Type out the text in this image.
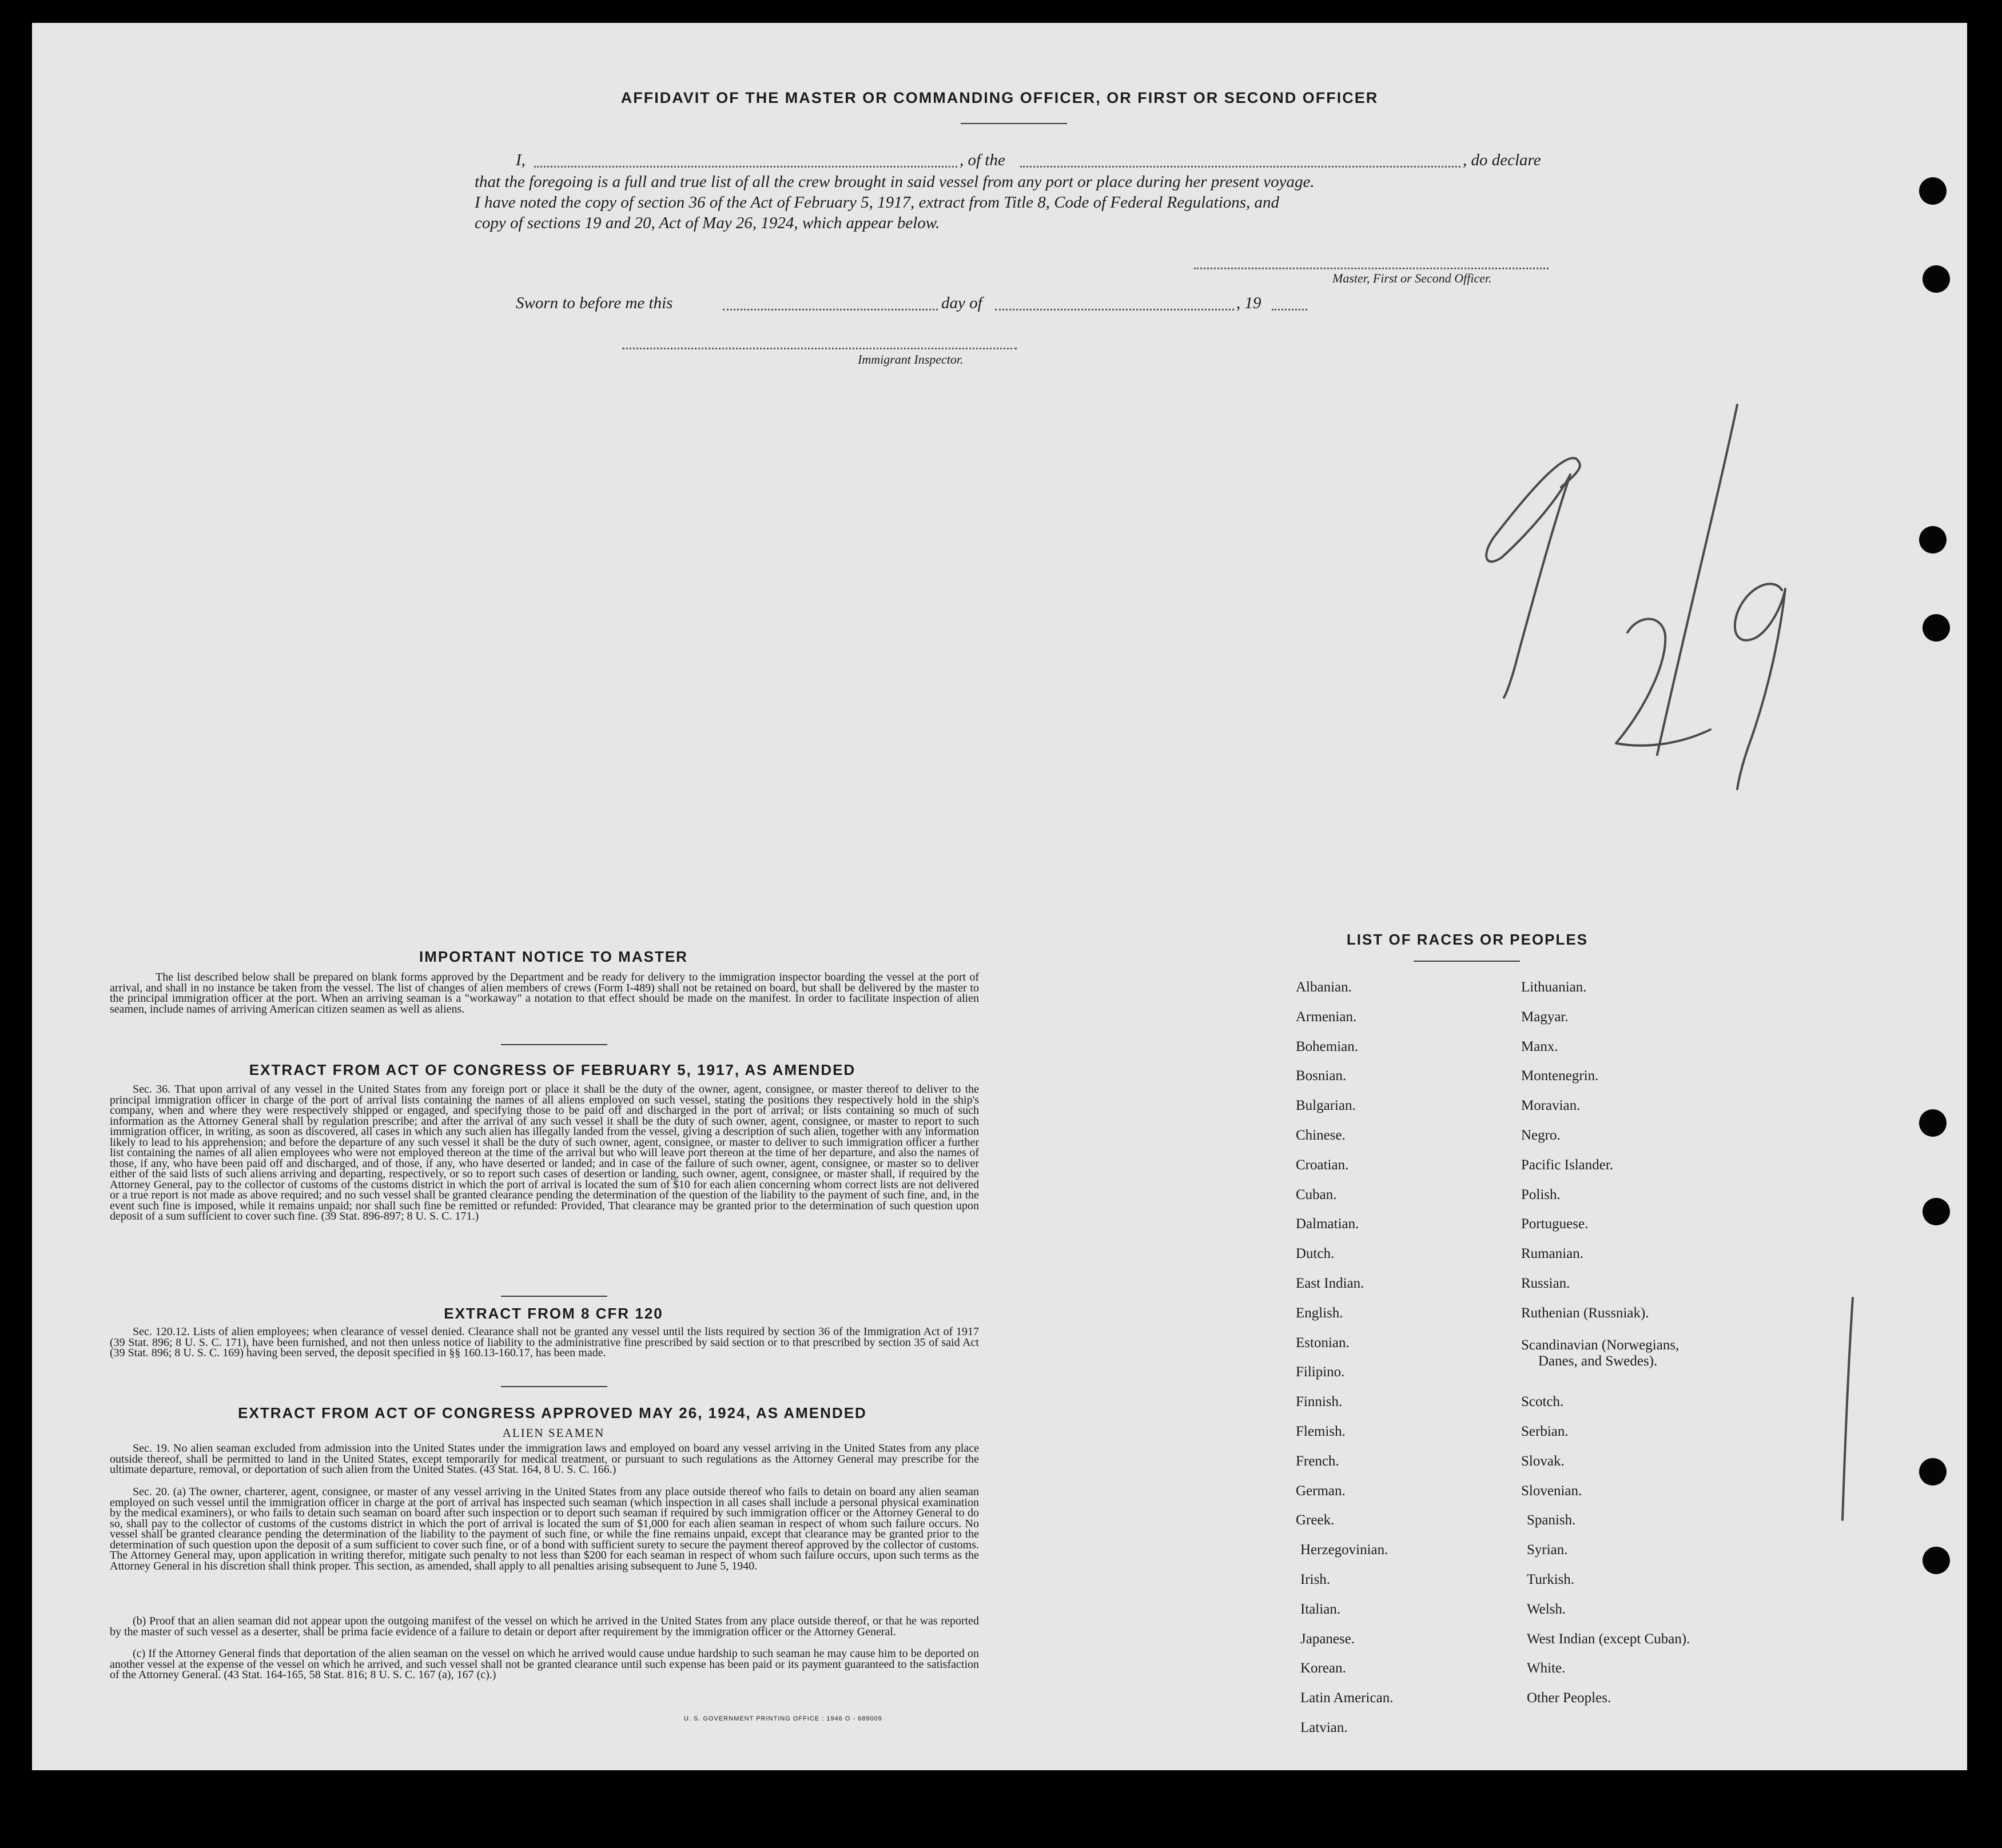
AFFIDAVIT OF THE MASTER OR COMMANDING OFFICER, OR FIRST OR SECOND OFFICER
I,	, of the	, do declare
that the foregoing is a full and true list of all the crew brought in said vessel from any port or place during her present voyage.
I have noted the copy of section 36 of the Act of February 5, 1917, extract from Title 8, Code of Federal Regulations, and
copy of sections 19 and 20, Act of May 26, 1924, which appear below.
Master, First or Second Officer.
Sworn to before me this	day of	, 19
Immigrant Inspector.
IMPORTANT NOTICE TO MASTER
The list described below shall be prepared on blank forms approved by the Department and be ready for delivery to the immigration inspector boarding the vessel at the port of arrival, and shall in no instance be taken from the vessel. The list of changes of alien members of crews (Form I-489) shall not be retained on board, but shall be delivered by the master to the principal immigration officer at the port. When an arriving seaman is a "workaway" a notation to that effect should be made on the manifest. In order to facilitate inspection of alien seamen, include names of arriving American citizen seamen as well as aliens.
EXTRACT FROM ACT OF CONGRESS OF FEBRUARY 5, 1917, AS AMENDED
Sec. 36. That upon arrival of any vessel in the United States from any foreign port or place it shall be the duty of the owner, agent, consignee, or master thereof to deliver to the principal immigration officer in charge of the port of arrival lists containing the names of all aliens employed on such vessel, stating the positions they respectively hold in the ship's company, when and where they were respectively shipped or engaged, and specifying those to be paid off and discharged in the port of arrival; or lists containing so much of such information as the Attorney General shall by regulation prescribe; and after the arrival of any such vessel it shall be the duty of such owner, agent, consignee, or master to report to such immigration officer, in writing, as soon as discovered, all cases in which any such alien has illegally landed from the vessel, giving a description of such alien, together with any information likely to lead to his apprehension; and before the departure of any such vessel it shall be the duty of such owner, agent, consignee, or master to deliver to such immigration officer a further list containing the names of all alien employees who were not employed thereon at the time of the arrival but who will leave port thereon at the time of her departure, and also the names of those, if any, who have been paid off and discharged, and of those, if any, who have deserted or landed; and in case of the failure of such owner, agent, consignee, or master so to deliver either of the said lists of such aliens arriving and departing, respectively, or so to report such cases of desertion or landing, such owner, agent, consignee, or master shall, if required by the Attorney General, pay to the collector of customs of the customs district in which the port of arrival is located the sum of $10 for each alien concerning whom correct lists are not delivered or a true report is not made as above required; and no such vessel shall be granted clearance pending the determination of the question of the liability to the payment of such fine, and, in the event such fine is imposed, while it remains unpaid; nor shall such fine be remitted or refunded: Provided, That clearance may be granted prior to the determination of such question upon deposit of a sum sufficient to cover such fine. (39 Stat. 896-897; 8 U. S. C. 171.)
EXTRACT FROM 8 CFR 120
Sec. 120.12. Lists of alien employees; when clearance of vessel denied. Clearance shall not be granted any vessel until the lists required by section 36 of the Immigration Act of 1917 (39 Stat. 896; 8 U. S. C. 171), have been furnished, and not then unless notice of liability to the administrative fine prescribed by said section or to that prescribed by section 35 of said Act (39 Stat. 896; 8 U. S. C. 169) having been served, the deposit specified in §§ 160.13-160.17, has been made.
EXTRACT FROM ACT OF CONGRESS APPROVED MAY 26, 1924, AS AMENDED
ALIEN SEAMEN
Sec. 19. No alien seaman excluded from admission into the United States under the immigration laws and employed on board any vessel arriving in the United States from any place outside thereof, shall be permitted to land in the United States, except temporarily for medical treatment, or pursuant to such regulations as the Attorney General may prescribe for the ultimate departure, removal, or deportation of such alien from the United States. (43 Stat. 164, 8 U. S. C. 166.)
Sec. 20. (a) The owner, charterer, agent, consignee, or master of any vessel arriving in the United States from any place outside thereof who fails to detain on board any alien seaman employed on such vessel until the immigration officer in charge at the port of arrival has inspected such seaman (which inspection in all cases shall include a personal physical examination by the medical examiners), or who fails to detain such seaman on board after such inspection or to deport such seaman if required by such immigration officer or the Attorney General to do so, shall pay to the collector of customs of the customs district in which the port of arrival is located the sum of $1,000 for each alien seaman in respect of whom such failure occurs. No vessel shall be granted clearance pending the determination of the liability to the payment of such fine, or while the fine remains unpaid, except that clearance may be granted prior to the determination of such question upon the deposit of a sum sufficient to cover such fine, or of a bond with sufficient surety to secure the payment thereof approved by the collector of customs. The Attorney General may, upon application in writing therefor, mitigate such penalty to not less than $200 for each seaman in respect of whom such failure occurs, upon such terms as the Attorney General in his discretion shall think proper. This section, as amended, shall apply to all penalties arising subsequent to June 5, 1940.
(b) Proof that an alien seaman did not appear upon the outgoing manifest of the vessel on which he arrived in the United States from any place outside thereof, or that he was reported by the master of such vessel as a deserter, shall be prima facie evidence of a failure to detain or deport after requirement by the immigration officer or the Attorney General.
(c) If the Attorney General finds that deportation of the alien seaman on the vessel on which he arrived would cause undue hardship to such seaman he may cause him to be deported on another vessel at the expense of the vessel on which he arrived, and such vessel shall not be granted clearance until such expense has been paid or its payment guaranteed to the satisfaction of the Attorney General. (43 Stat. 164-165, 58 Stat. 816; 8 U. S. C. 167 (a), 167 (c).)
U. S. GOVERNMENT PRINTING OFFICE : 1946 O - 689009
LIST OF RACES OR PEOPLES
Albanian.
Armenian.
Bohemian.
Bosnian.
Bulgarian.
Chinese.
Croatian.
Cuban.
Dalmatian.
Dutch.
East Indian.
English.
Estonian.
Filipino.
Finnish.
Flemish.
French.
German.
Greek.
Herzegovinian.
Irish.
Italian.
Japanese.
Korean.
Latin American.
Latvian.
Lithuanian.
Magyar.
Manx.
Montenegrin.
Moravian.
Negro.
Pacific Islander.
Polish.
Portuguese.
Rumanian.
Russian.
Ruthenian (Russniak).
Scandinavian (Norwegians,
Danes, and Swedes).
Scotch.
Serbian.
Slovak.
Slovenian.
Spanish.
Syrian.
Turkish.
Welsh.
West Indian (except Cuban).
White.
Other Peoples.
